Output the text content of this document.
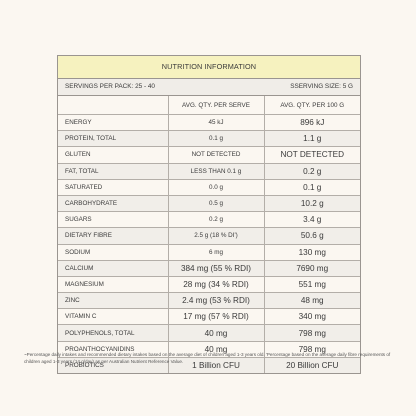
NUTRITION INFORMATION
SERVINGS PER PACK: 25 - 40	SSERVING SIZE: 5 G
	AVG. QTY. PER SERVE	AVG. QTY. PER 100 G
ENERGY	45 kJ	896 kJ
PROTEIN, TOTAL	0.1 g	1.1 g
GLUTEN	NOT DETECTED	NOT DETECTED
FAT, TOTAL	LESS THAN 0.1 g	0.2 g
SATURATED	0.0 g	0.1 g
CARBOHYDRATE	0.5 g	10.2 g
SUGARS	0.2 g	3.4 g
DIETARY FIBRE	2.5 g (18 % DI')	50.6 g
SODIUM	6 mg	130 mg
CALCIUM	384 mg (55 % RDI)	7690 mg
MAGNESIUM	28 mg (34 % RDI)	551 mg
ZINC	2.4 mg (53 % RDI)	48 mg
VITAMIN C	17 mg (57 % RDI)	340 mg
POLYPHENOLS, TOTAL	40 mg	798 mg
PROANTHOCYANIDINS	40 mg	798 mg
PROBIOTICS	1 Billion CFU	20 Billion CFU
~Percentage daily intakes and recommended dietary intakes based on the average diet of children aged 1-3 years old. 'Percentage based on the average daily fibre requirements of children aged 1-3 years (14 g/day) as per Australian Nutrient Reference Value.
